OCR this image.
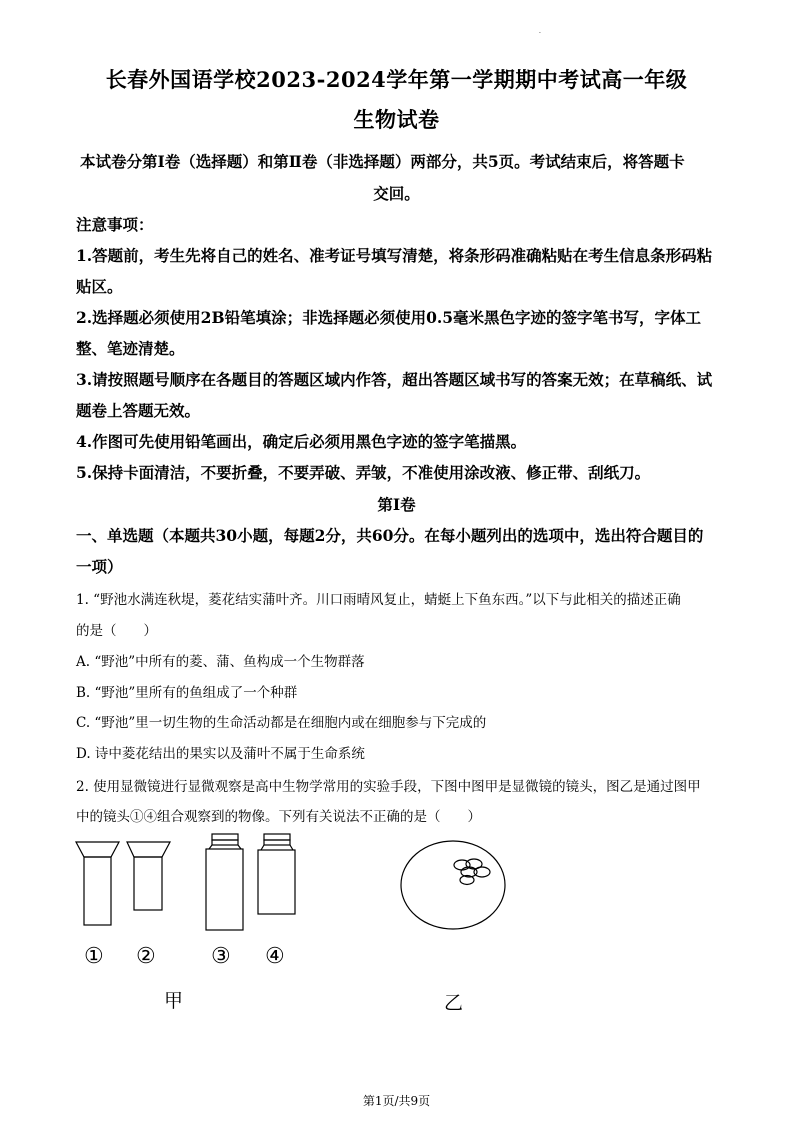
·
长春外国语学校2023-2024学年第一学期期中考试高一年级
生物试卷
本试卷分第Ⅰ卷（选择题）和第Ⅱ卷（非选择题）两部分，共5页。考试结束后，将答题卡
交回。
注意事项：
1.答题前，考生先将自己的姓名、准考证号填写清楚，将条形码准确粘贴在考生信息条形码粘
贴区。
2.选择题必须使用2B铅笔填涂；非选择题必须使用0.5毫米黑色字迹的签字笔书写，字体工
整、笔迹清楚。
3.请按照题号顺序在各题目的答题区域内作答，超出答题区域书写的答案无效；在草稿纸、试
题卷上答题无效。
4.作图可先使用铅笔画出，确定后必须用黑色字迹的签字笔描黑。
5.保持卡面清洁，不要折叠，不要弄破、弄皱，不准使用涂改液、修正带、刮纸刀。
第I卷
一、单选题（本题共30小题，每题2分，共60分。在每小题列出的选项中，选出符合题目的
一项）
1. “野池水满连秋堤，菱花结实蒲叶齐。川口雨晴风复止，蜻蜓上下鱼东西。”以下与此相关的描述正确
的是（　　）
A. “野池”中所有的菱、蒲、鱼构成一个生物群落
B. “野池”里所有的鱼组成了一个种群
C. “野池”里一切生物的生命活动都是在细胞内或在细胞参与下完成的
D. 诗中菱花结出的果实以及蒲叶不属于生命系统
2. 使用显微镜进行显微观察是高中生物学常用的实验手段，下图中图甲是显微镜的镜头，图乙是通过图甲
中的镜头①④组合观察到的物像。下列有关说法不正确的是（　　）
① ②	③ ④
甲	乙
第1页/共9页
